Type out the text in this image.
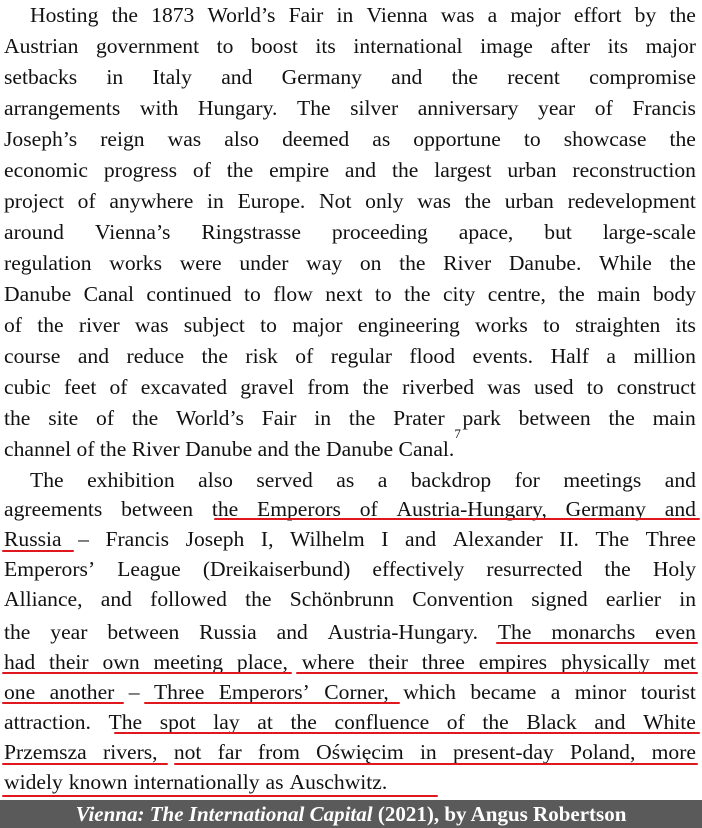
Hosting the 1873 World’s Fair in Vienna was a major effort by the
Austrian government to boost its international image after its major
setbacks in Italy and Germany and the recent compromise
arrangements with Hungary. The silver anniversary year of Francis
Joseph’s reign was also deemed as opportune to showcase the
economic progress of the empire and the largest urban reconstruction
project of anywhere in Europe. Not only was the urban redevelopment
around Vienna’s Ringstrasse proceeding apace, but large-scale
regulation works were under way on the River Danube. While the
Danube Canal continued to flow next to the city centre, the main body
of the river was subject to major engineering works to straighten its
course and reduce the risk of regular flood events. Half a million
cubic feet of excavated gravel from the riverbed was used to construct
the site of the World’s Fair in the Prater park between the main
channel of the River Danube and the Danube Canal.
7
The exhibition also served as a backdrop for meetings and
agreements between the Emperors of Austria-Hungary, Germany and
Russia – Francis Joseph I, Wilhelm I and Alexander II. The Three
Emperors’ League (Dreikaiserbund) effectively resurrected the Holy
Alliance, and followed the Schönbrunn Convention signed earlier in
the year between Russia and Austria-Hungary. The monarchs even
had their own meeting place, where their three empires physically met
one another – Three Emperors’ Corner, which became a minor tourist
attraction. The spot lay at the confluence of the Black and White
Przemsza rivers, not far from Oświęcim in present-day Poland, more
widely known internationally as Auschwitz.
Vienna: The International Capital (2021), by Angus Robertson
